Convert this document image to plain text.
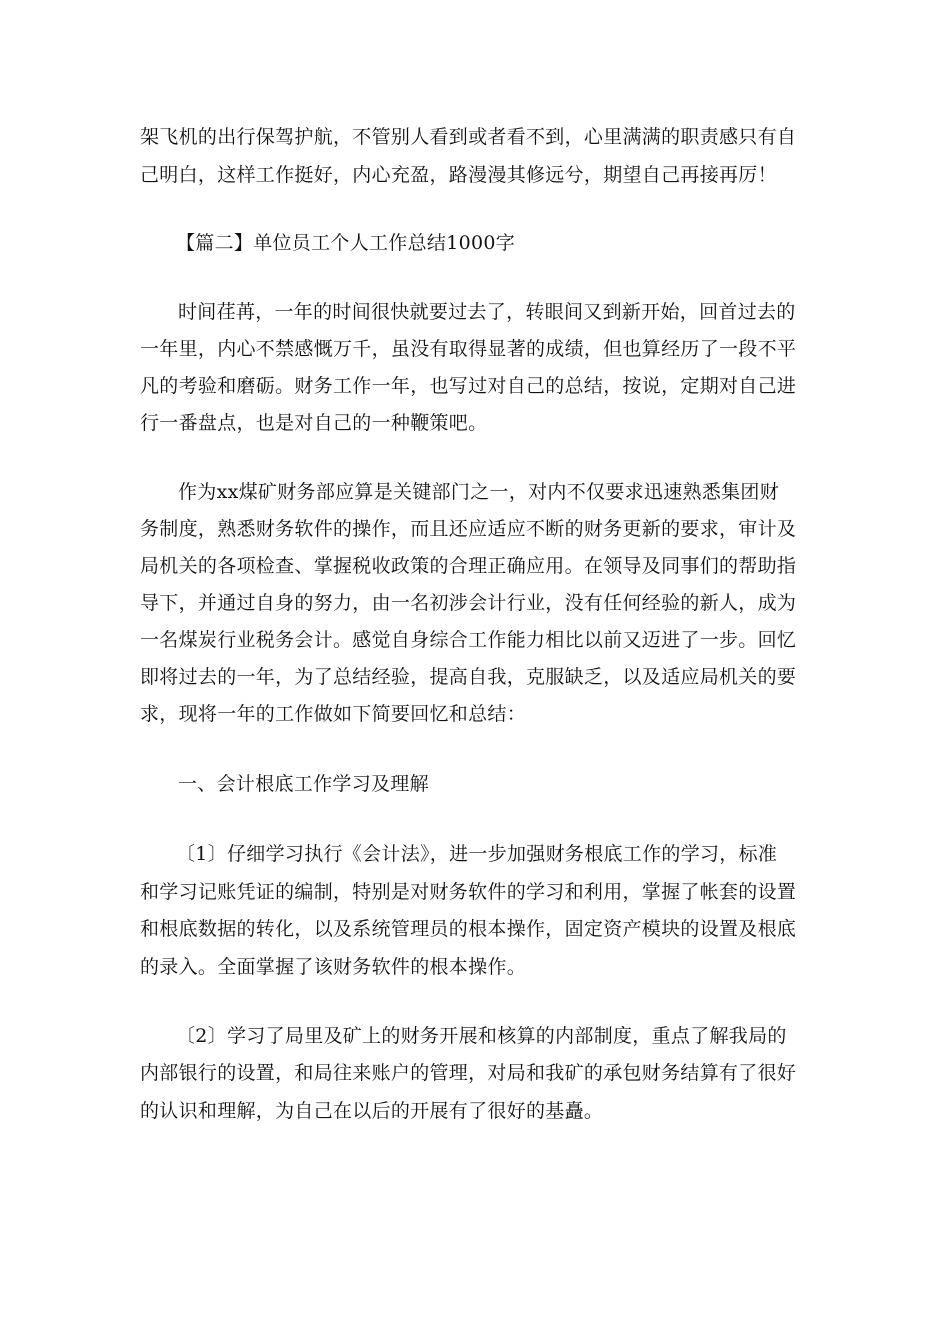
架飞机的出行保驾护航，不管别人看到或者看不到，心里满满的职责感只有自
己明白，这样工作挺好，内心充盈，路漫漫其修远兮，期望自己再接再厉！
【篇二】单位员工个人工作总结1000字
时间荏苒，一年的时间很快就要过去了，转眼间又到新开始，回首过去的
一年里，内心不禁感慨万千，虽没有取得显著的成绩，但也算经历了一段不平
凡的考验和磨砺。财务工作一年，也写过对自己的总结，按说，定期对自己进
行一番盘点，也是对自己的一种鞭策吧。
作为xx煤矿财务部应算是关键部门之一，对内不仅要求迅速熟悉集团财
务制度，熟悉财务软件的操作，而且还应适应不断的财务更新的要求，审计及
局机关的各项检查、掌握税收政策的合理正确应用。在领导及同事们的帮助指
导下，并通过自身的努力，由一名初涉会计行业，没有任何经验的新人，成为
一名煤炭行业税务会计。感觉自身综合工作能力相比以前又迈进了一步。回忆
即将过去的一年，为了总结经验，提高自我，克服缺乏，以及适应局机关的要
求，现将一年的工作做如下简要回忆和总结：
一、会计根底工作学习及理解
〔1〕仔细学习执行《会计法》，进一步加强财务根底工作的学习，标准
和学习记账凭证的编制，特别是对财务软件的学习和利用，掌握了帐套的设置
和根底数据的转化，以及系统管理员的根本操作，固定资产模块的设置及根底
的录入。全面掌握了该财务软件的根本操作。
〔2〕学习了局里及矿上的财务开展和核算的内部制度，重点了解我局的
内部银行的设置，和局往来账户的管理，对局和我矿的承包财务结算有了很好
的认识和理解，为自己在以后的开展有了很好的基矗。
